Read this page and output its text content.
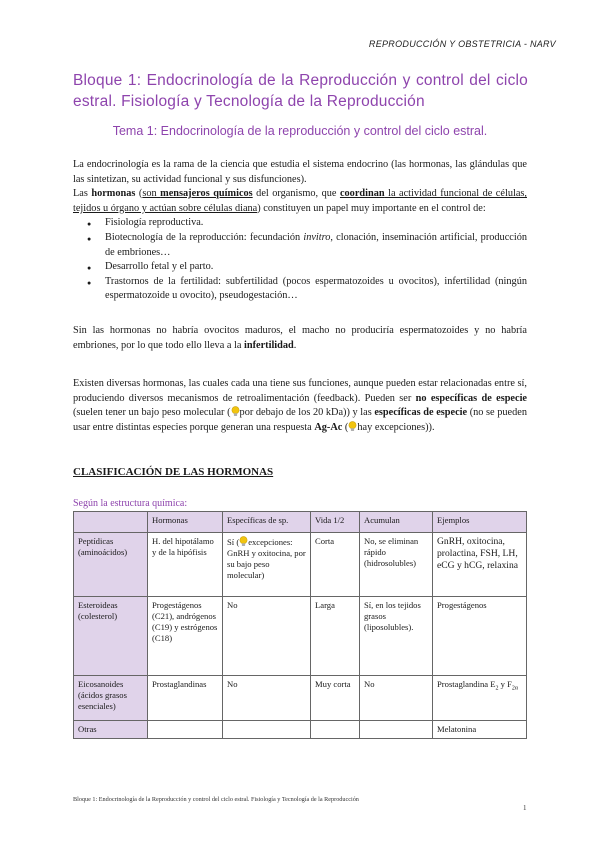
REPRODUCCIÓN Y OBSTETRICIA - NARV
Bloque 1: Endocrinología de la Reproducción y control del ciclo estral. Fisiología y Tecnología de la Reproducción
Tema 1: Endocrinología de la reproducción y control del ciclo estral.

La endocrinología es la rama de la ciencia que estudia el sistema endocrino (las hormonas, las glándulas que las sintetizan, su actividad funcional y sus disfunciones).

Las hormonas (son mensajeros químicos del organismo, que coordinan la actividad funcional de células, tejidos u órgano y actúan sobre células diana) constituyen un papel muy importante en el control de:

● Fisiología reproductiva.
● Biotecnología de la reproducción: fecundación invitro, clonación, inseminación artificial, producción de embriones…
● Desarrollo fetal y el parto.
● Trastornos de la fertilidad: subfertilidad (pocos espermatozoides u ovocitos), infertilidad (ningún espermatozoide u ovocito), pseudogestación…

Sin las hormonas no habría ovocitos maduros, el macho no produciría espermatozoides y no habría embriones, por lo que todo ello lleva a la infertilidad.

Existen diversas hormonas, las cuales cada una tiene sus funciones, aunque pueden estar relacionadas entre sí, produciendo diversos mecanismos de retroalimentación (feedback). Pueden ser no específicas de especie (suelen tener un bajo peso molecular ( por debajo de los 20 kDa)) y las específicas de especie (no se pueden usar entre distintas especies porque generan una respuesta Ag-Ac ( hay excepciones)).

CLASIFICACIÓN DE LAS HORMONAS
Según la estructura química:
	Hormonas	Específicas de sp.	Vida 1/2	Acumulan	Ejemplos
Peptídicas (aminoácidos)	H. del hipotálamo y de la hipófisis	Sí ( excepciones: GnRH y oxitocina, por su bajo peso molecular)	Corta	No, se eliminan rápido (hidrosolubles)	GnRH, oxitocina, prolactina, FSH, LH, eCG y hCG, relaxina
Esteroideas (colesterol)	Progestágenos (C21), andrógenos (C19) y estrógenos (C18)	No	Larga	Sí, en los tejidos grasos (liposolubles).	Progestágenos
Eicosanoides (ácidos grasos esenciales)	Prostaglandinas	No	Muy corta	No	Prostaglandina $E_2$ y $F_{2\alpha}$
Otras					Melatonina
Bloque 1: Endocrinología de la Reproducción y control del ciclo estral. Fisiología y Tecnología de la Reproducción
1
